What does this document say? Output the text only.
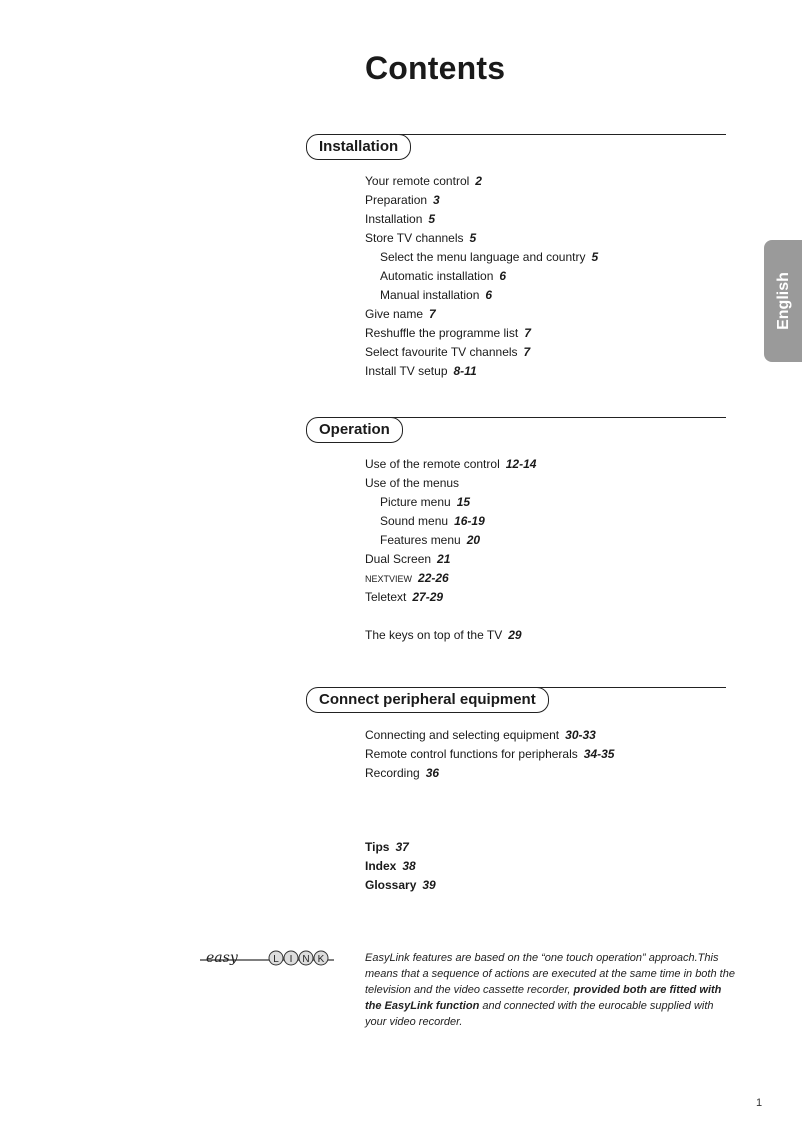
Contents
English
Installation
Your remote control 2
Preparation 3
Installation 5
Store TV channels 5
Select the menu language and country 5
Automatic installation 6
Manual installation 6
Give name 7
Reshuffle the programme list 7
Select favourite TV channels 7
Install TV setup 8-11
Operation
Use of the remote control 12-14
Use of the menus
Picture menu 15
Sound menu 16-19
Features menu 20
Dual Screen 21
NEXTVIEW 22-26
Teletext 27-29
The keys on top of the TV 29
Connect peripheral equipment
Connecting and selecting equipment 30-33
Remote control functions for peripherals 34-35
Recording 36
Tips 37
Index 38
Glossary 39
easy	L I N K	EasyLink features are based on the “one touch operation” approach.This means that a sequence of actions are executed at the same time in both the television and the video cassette recorder, provided both are fitted with the EasyLink function and connected with the eurocable supplied with your video recorder.
1
